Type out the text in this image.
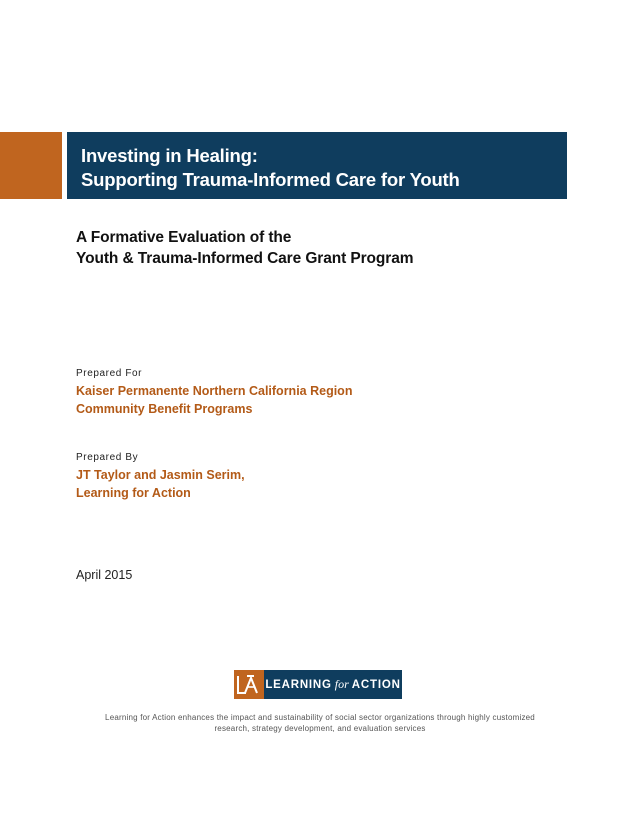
Investing in Healing:
Supporting Trauma-Informed Care for Youth
A Formative Evaluation of the
Youth & Trauma-Informed Care Grant Program
Prepared For
Kaiser Permanente Northern California Region
Community Benefit Programs
Prepared By
JT Taylor and Jasmin Serim,
Learning for Action
April 2015
LEARNING for ACTION
Learning for Action enhances the impact and sustainability of social sector organizations through highly customized
research, strategy development, and evaluation services
